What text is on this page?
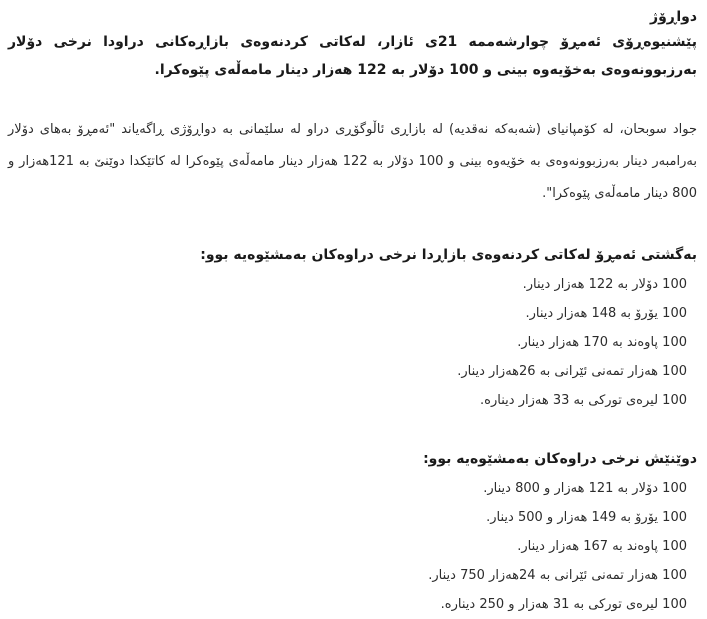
دواڕۆژ

پێشنیوەڕۆی ئەمڕۆ چوارشەممە 21ی ئازار، لەکاتی کردنەوەی بازاڕەکانی دراودا نرخی دۆلار بەرزبوونەوەی بەخۆیەوە بینی و 100 دۆلار بە 122 هەزار دینار مامەڵەی پێوەکرا.

جواد سوبحان، لە کۆمپانیای (شەبەکە نەقدیە) لە بازاڕی ئاڵوگۆڕی دراو لە سلێمانی بە دواڕۆژی ڕاگەیاند "ئەمڕۆ بەهای دۆلار بەرامبەر دینار بەرزبوونەوەی بە خۆیەوە بینی و 100 دۆلار بە 122 هەزار دینار مامەڵەی پێوەکرا لە کاتێکدا دوێنێ بە 121هەزار و 800 دینار مامەڵەی پێوەکرا".

بەگشتی ئەمڕۆ لەکاتی کردنەوەی بازاڕدا نرخی دراوەکان بەمشێوەیە بوو:
100 دۆلار بە 122 هەزار دینار.
100 یۆرۆ بە 148 هەزار دینار.
100 پاوەند بە 170 هەزار دینار.
100 هەزار تمەنی ئێرانی بە 26هەزار دینار.
100 لیرەی تورکی بە 33 هەزار دینارە.
دوێنێش نرخی دراوەکان بەمشێوەیە بوو:
100 دۆلار بە 121 هەزار و 800 دینار.
100 یۆرۆ بە 149 هەزار و 500 دینار.
100 پاوەند بە 167 هەزار دینار.
100 هەزار تمەنی ئێرانی بە 24هەزار 750 دینار.
100 لیرەی تورکی بە 31 هەزار و 250 دینارە.
